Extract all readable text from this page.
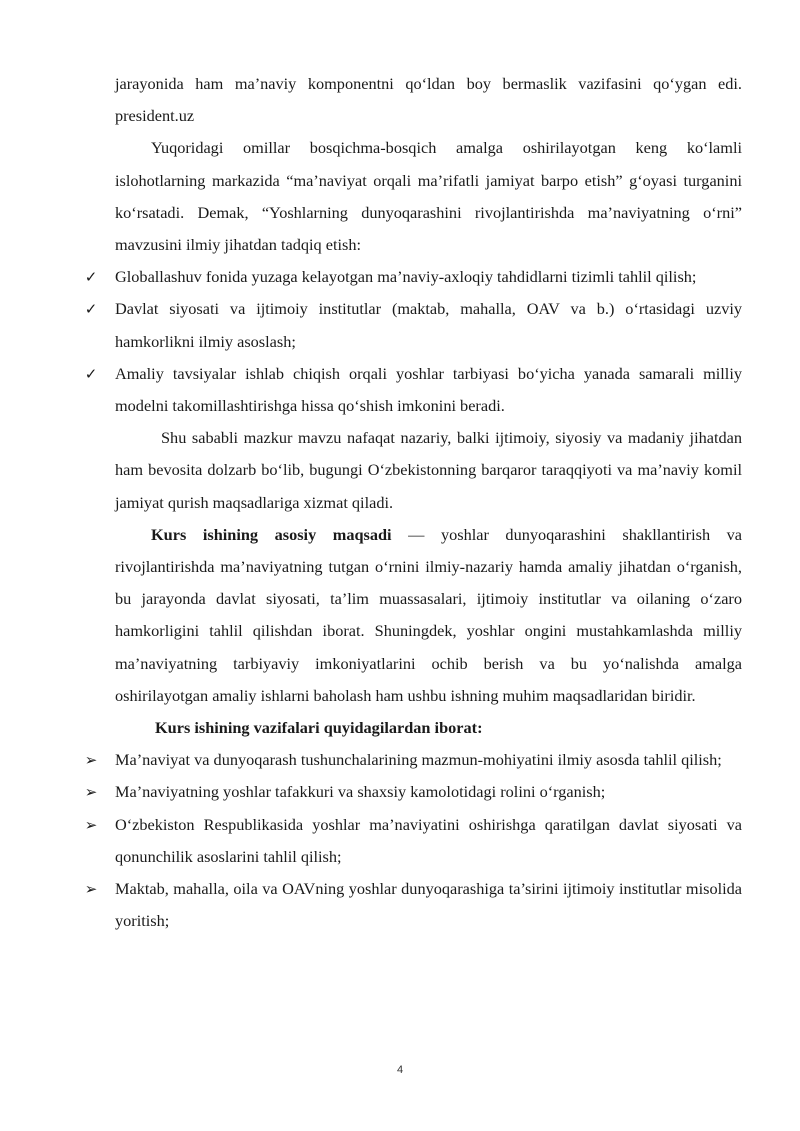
jarayonida ham ma’naviy komponentni qo‘ldan boy bermaslik vazifasini qo‘ygan edi. president.uz

Yuqoridagi omillar bosqichma-bosqich amalga oshirilayotgan keng ko‘lamli islohotlarning markazida “ma’naviyat orqali ma’rifatli jamiyat barpo etish” g‘oyasi turganini ko‘rsatadi. Demak, “Yoshlarning dunyoqarashini rivojlantirishda ma’naviyatning o‘rni” mavzusini ilmiy jihatdan tadqiq etish:

✓ Globallashuv fonida yuzaga kelayotgan ma’naviy-axloqiy tahdidlarni tizimli tahlil qilish;

✓ Davlat siyosati va ijtimoiy institutlar (maktab, mahalla, OAV va b.) o‘rtasidagi uzviy hamkorlikni ilmiy asoslash;

✓ Amaliy tavsiyalar ishlab chiqish orqali yoshlar tarbiyasi bo‘yicha yanada samarali milliy modelni takomillashtirishga hissa qo‘shish imkonini beradi.

Shu sababli mazkur mavzu nafaqat nazariy, balki ijtimoiy, siyosiy va madaniy jihatdan ham bevosita dolzarb bo‘lib, bugungi O‘zbekistonning barqaror taraqqiyoti va ma’naviy komil jamiyat qurish maqsadlariga xizmat qiladi.

Kurs ishining asosiy maqsadi — yoshlar dunyoqarashini shakllantirish va rivojlantirishda ma’naviyatning tutgan o‘rnini ilmiy-nazariy hamda amaliy jihatdan o‘rganish, bu jarayonda davlat siyosati, ta’lim muassasalari, ijtimoiy institutlar va oilaning o‘zaro hamkorligini tahlil qilishdan iborat. Shuningdek, yoshlar ongini mustahkamlashda milliy ma’naviyatning tarbiyaviy imkoniyatlarini ochib berish va bu yo‘nalishda amalga oshirilayotgan amaliy ishlarni baholash ham ushbu ishning muhim maqsadlaridan biridir.

Kurs ishining vazifalari quyidagilardan iborat:

➢ Ma’naviyat va dunyoqarash tushunchalarining mazmun-mohiyatini ilmiy asosda tahlil qilish;

➢ Ma’naviyatning yoshlar tafakkuri va shaxsiy kamolotidagi rolini o‘rganish;

➢ O‘zbekiston Respublikasida yoshlar ma’naviyatini oshirishga qaratilgan davlat siyosati va qonunchilik asoslarini tahlil qilish;

➢ Maktab, mahalla, oila va OAVning yoshlar dunyoqarashiga ta’sirini ijtimoiy institutlar misolida yoritish;

4
